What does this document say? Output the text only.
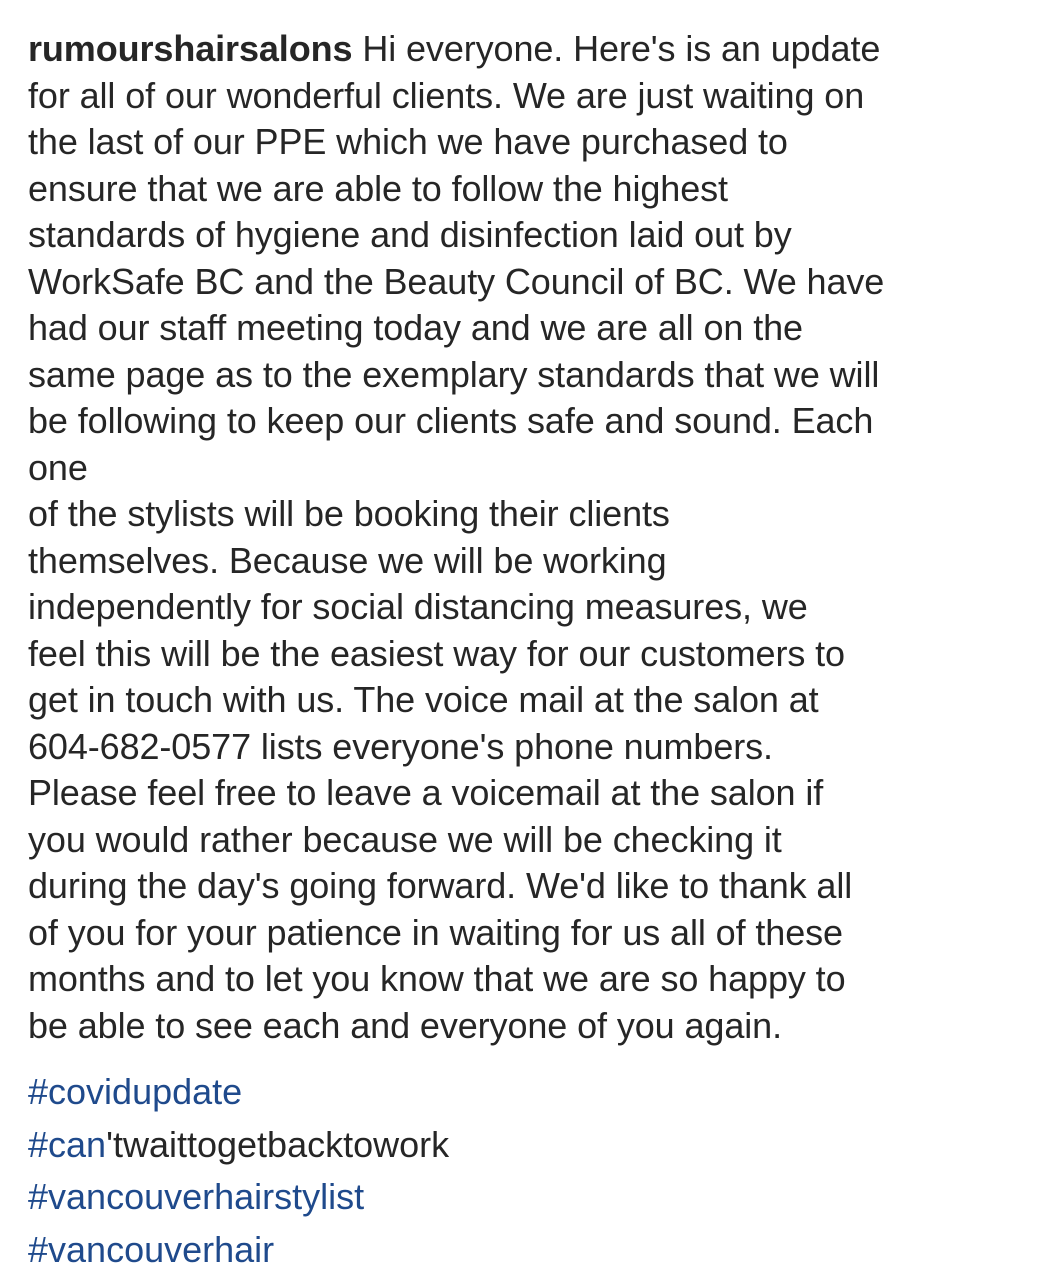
rumourshairsalons Hi everyone. Here's is an update
for all of our wonderful clients. We are just waiting on
the last of our PPE which we have purchased to
ensure that we are able to follow the highest
standards of hygiene and disinfection laid out by
WorkSafe BC and the Beauty Council of BC. We have
had our staff meeting today and we are all on the
same page as to the exemplary standards that we will
be following to keep our clients safe and sound. Each
one
of the stylists will be booking their clients
themselves. Because we will be working
independently for social distancing measures, we
feel this will be the easiest way for our customers to
get in touch with us. The voice mail at the salon at
604-682-0577 lists everyone's phone numbers.
Please feel free to leave a voicemail at the salon if
you would rather because we will be checking it
during the day's going forward. We'd like to thank all
of you for your patience in waiting for us all of these
months and to let you know that we are so happy to
be able to see each and everyone of you again.
#covidupdate
#can'twaittogetbacktowork
#vancouverhairstylist
#vancouverhair
